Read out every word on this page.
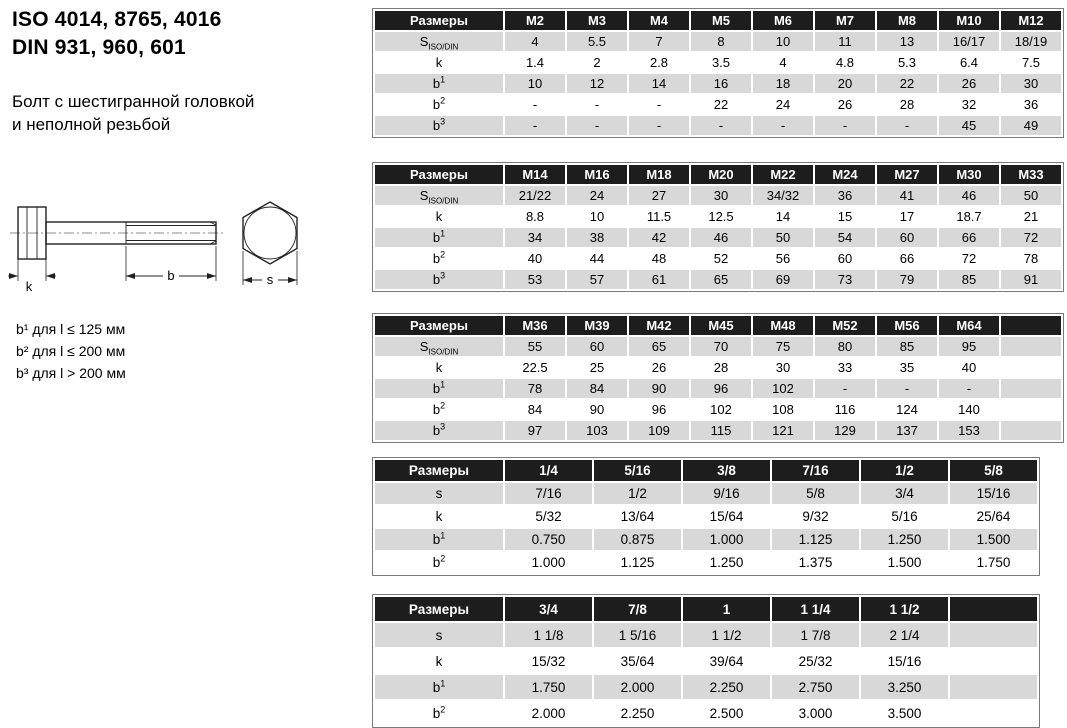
ISO 4014, 8765, 4016
DIN 931, 960, 601
Болт с шестигранной головкой
и неполной резьбой
k
b	s
b¹ для l ≤ 125 мм
b² для l ≤ 200 мм
b³ для l > 200 мм
Размеры	M2	M3	M4	M5	M6	M7	M8	M10	M12
$S_{ISO/DIN}$	4	5.5	7	8	10	11	13	16/17	18/19
k	1.4	2	2.8	3.5	4	4.8	5.3	6.4	7.5
$b^1$	10	12	14	16	18	20	22	26	30
$b^2$	-	-	-	22	24	26	28	32	36
$b^3$	-	-	-	-	-	-	-	45	49
Размеры	M14	M16	M18	M20	M22	M24	M27	M30	M33
$S_{ISO/DIN}$	21/22	24	27	30	34/32	36	41	46	50
k	8.8	10	11.5	12.5	14	15	17	18.7	21
$b^1$	34	38	42	46	50	54	60	66	72
$b^2$	40	44	48	52	56	60	66	72	78
$b^3$	53	57	61	65	69	73	79	85	91
Размеры	M36	M39	M42	M45	M48	M52	M56	M64	
$S_{ISO/DIN}$	55	60	65	70	75	80	85	95	
k	22.5	25	26	28	30	33	35	40	
$b^1$	78	84	90	96	102	-	-	-	
$b^2$	84	90	96	102	108	116	124	140	
$b^3$	97	103	109	115	121	129	137	153	
Размеры	1/4	5/16	3/8	7/16	1/2	5/8
s	7/16	1/2	9/16	5/8	3/4	15/16
k	5/32	13/64	15/64	9/32	5/16	25/64
$b^1$	0.750	0.875	1.000	1.125	1.250	1.500
$b^2$	1.000	1.125	1.250	1.375	1.500	1.750
Размеры	3/4	7/8	1	1 1/4	1 1/2	
s	1 1/8	1 5/16	1 1/2	1 7/8	2 1/4	
k	15/32	35/64	39/64	25/32	15/16	
$b^1$	1.750	2.000	2.250	2.750	3.250	
$b^2$	2.000	2.250	2.500	3.000	3.500	
